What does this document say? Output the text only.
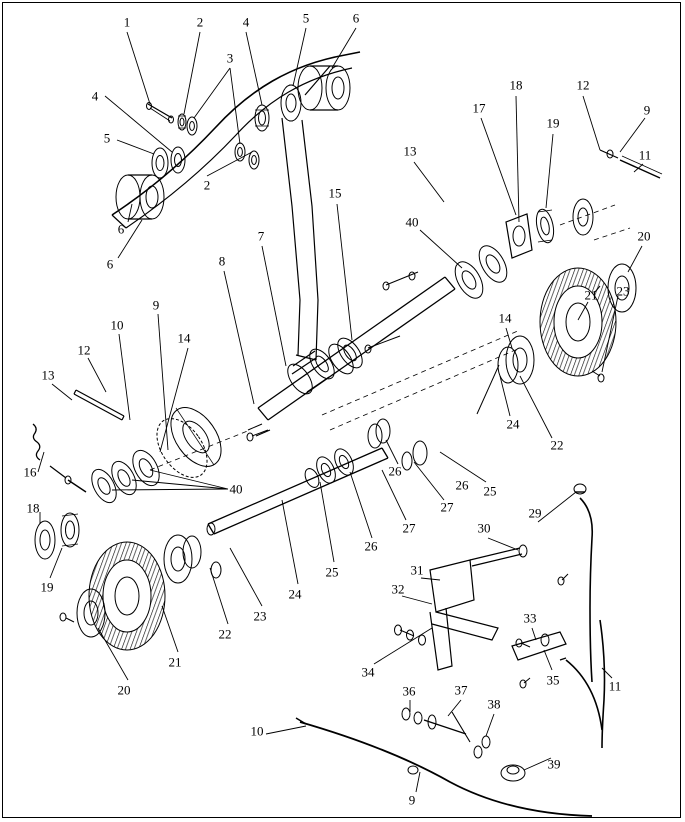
1	2	4	5	6
3
4
5
2
6
6
18	12
17
19
9
11
13
15
40
20
7
8
14
9
10
12
14
13
23
21
22
24
25
26
26
27
27
26
16
40
18
19
25
24
23
22
21
20
29
30
31
32
33
34
35	11
36	37
38
39
10
9
